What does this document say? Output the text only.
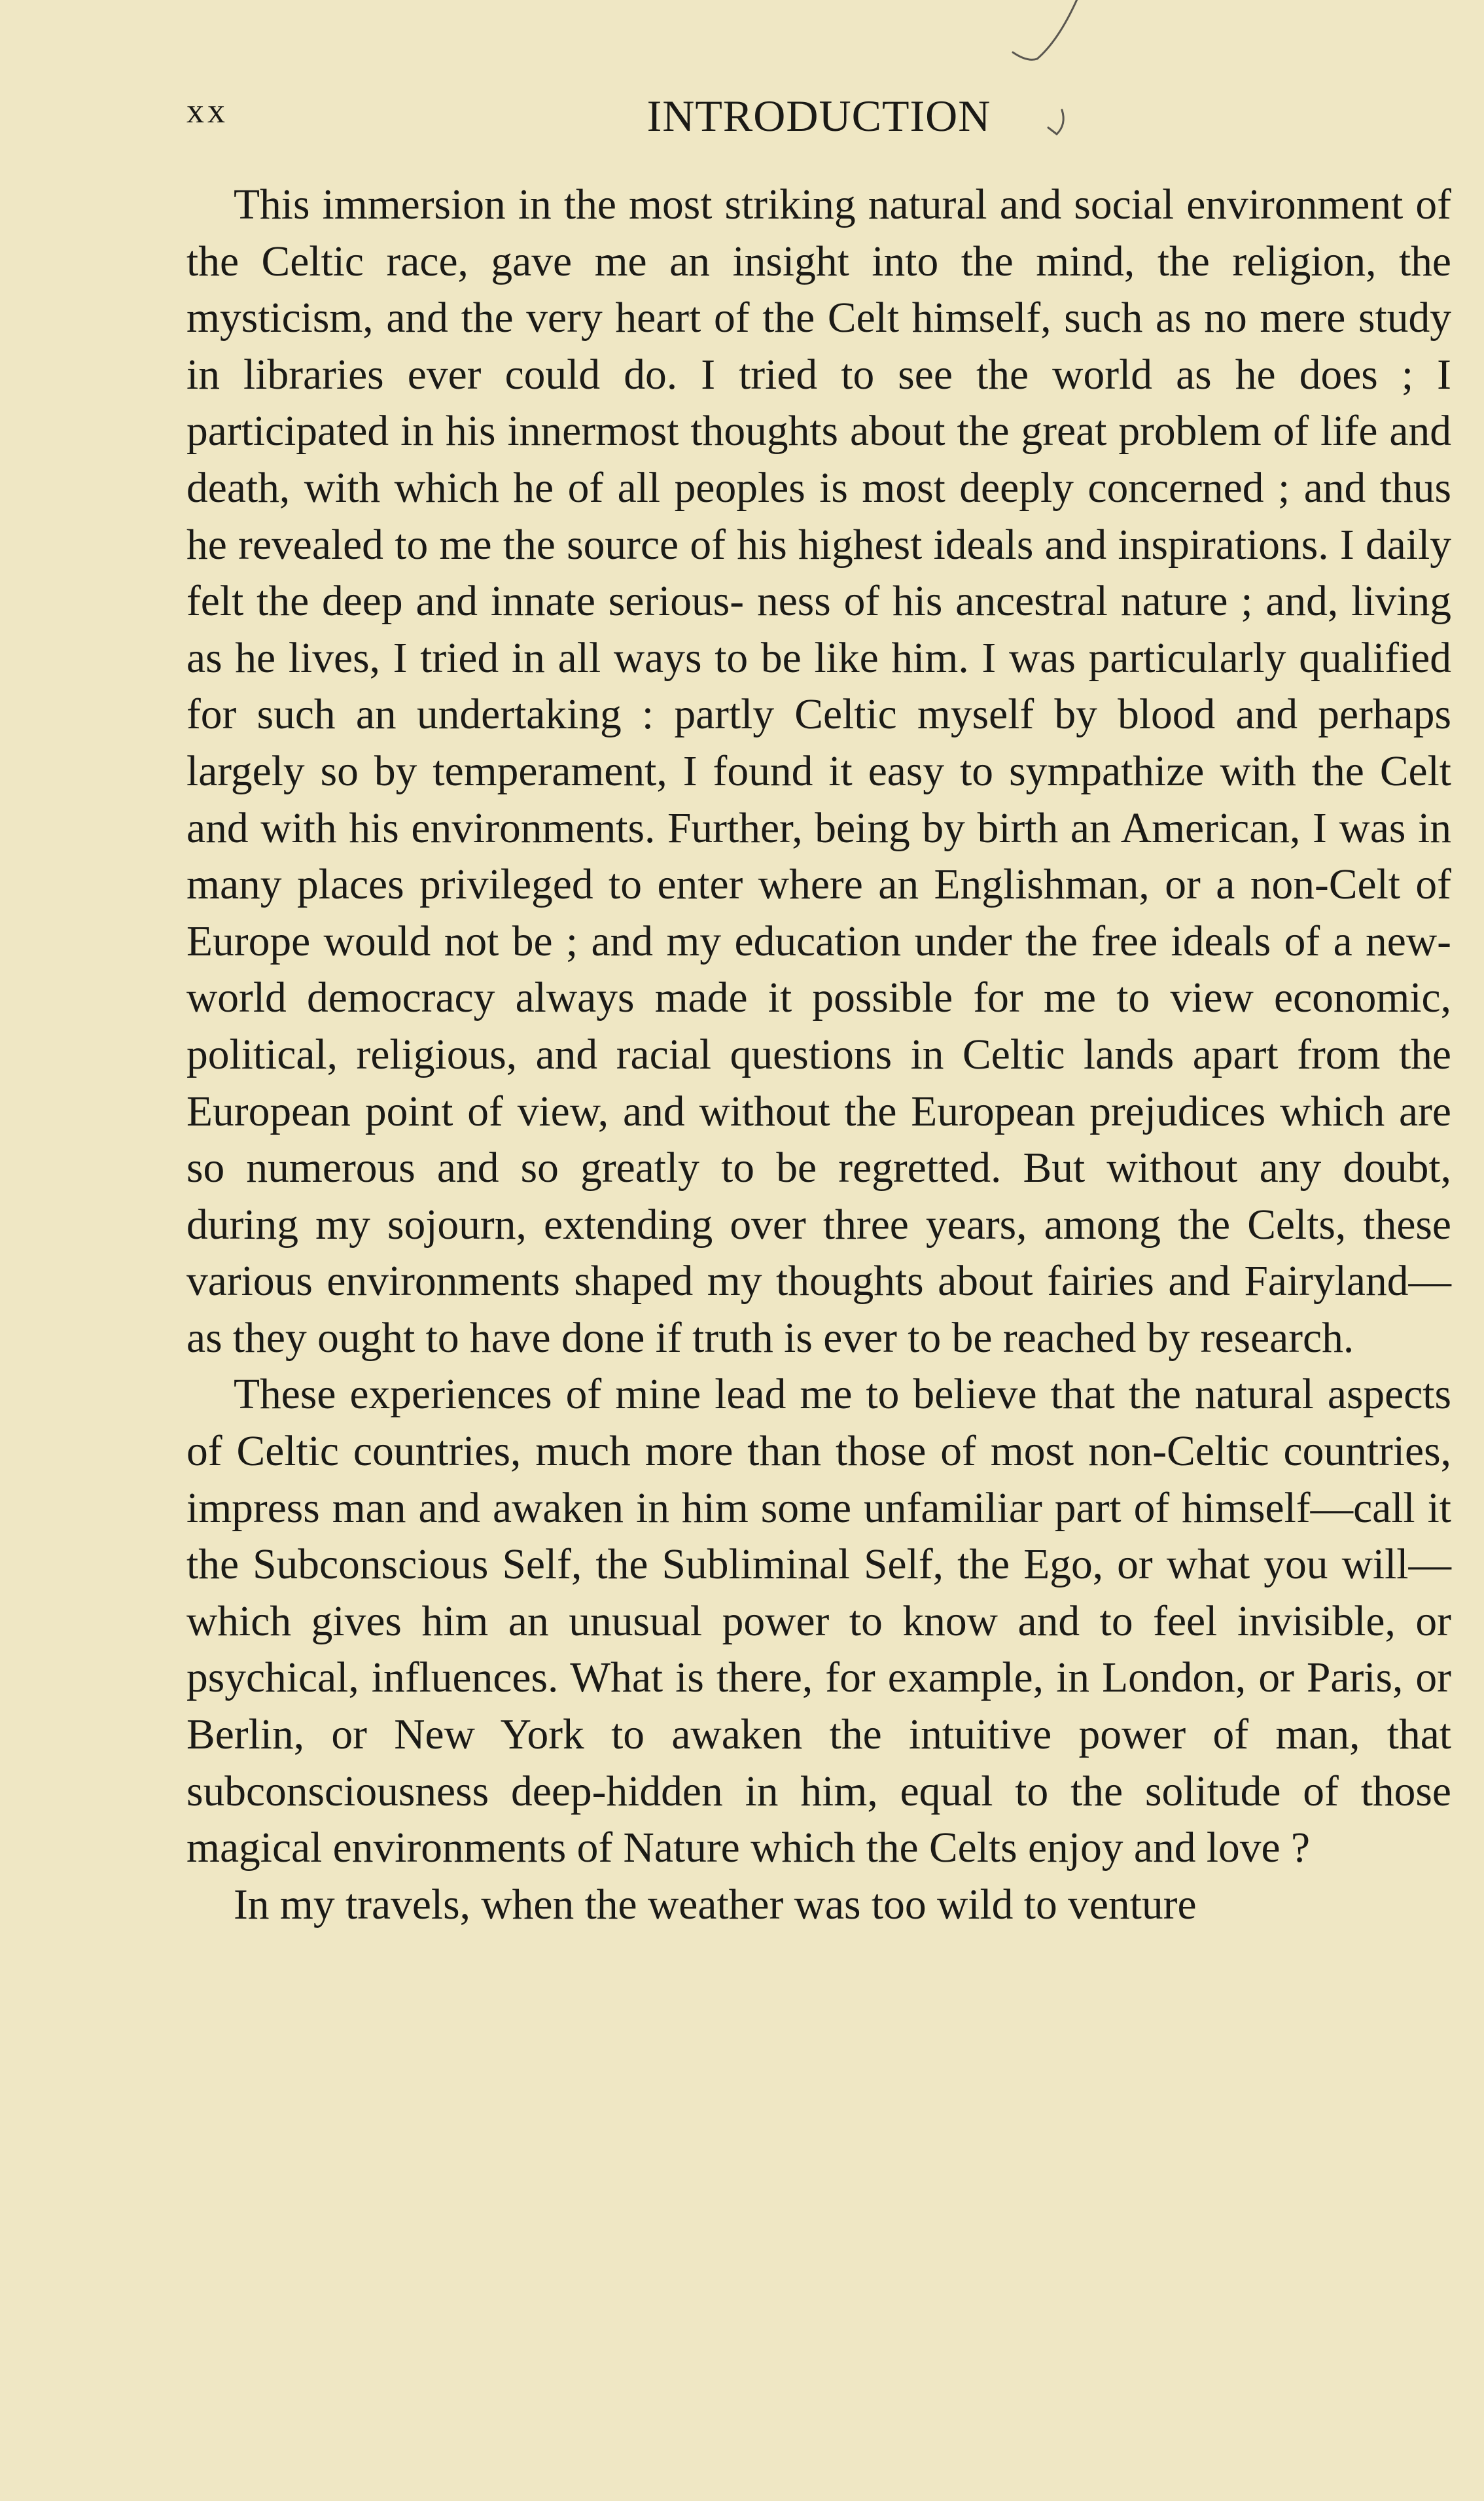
xx	INTRODUCTION

This immersion in the most striking natural and social environment of the Celtic race, gave me an insight into the mind, the religion, the mysticism, and the very heart of the Celt himself, such as no mere study in libraries ever could do. I tried to see the world as he does ; I participated in his innermost thoughts about the great problem of life and death, with which he of all peoples is most deeply concerned ; and thus he revealed to me the source of his highest ideals and inspirations. I daily felt the deep and innate serious- ness of his ancestral nature ; and, living as he lives, I tried in all ways to be like him. I was particularly qualified for such an undertaking : partly Celtic myself by blood and perhaps largely so by temperament, I found it easy to sympathize with the Celt and with his environments. Further, being by birth an American, I was in many places privileged to enter where an Englishman, or a non-Celt of Europe would not be ; and my education under the free ideals of a new-world democracy always made it possible for me to view economic, political, religious, and racial questions in Celtic lands apart from the European point of view, and without the European prejudices which are so numerous and so greatly to be regretted. But without any doubt, during my sojourn, extending over three years, among the Celts, these various environments shaped my thoughts about fairies and Fairyland—as they ought to have done if truth is ever to be reached by research.

These experiences of mine lead me to believe that the natural aspects of Celtic countries, much more than those of most non-Celtic countries, impress man and awaken in him some unfamiliar part of himself—call it the Subconscious Self, the Subliminal Self, the Ego, or what you will—which gives him an unusual power to know and to feel invisible, or psychical, influences. What is there, for example, in London, or Paris, or Berlin, or New York to awaken the intuitive power of man, that subconsciousness deep-hidden in him, equal to the solitude of those magical environments of Nature which the Celts enjoy and love ?

In my travels, when the weather was too wild to venture
